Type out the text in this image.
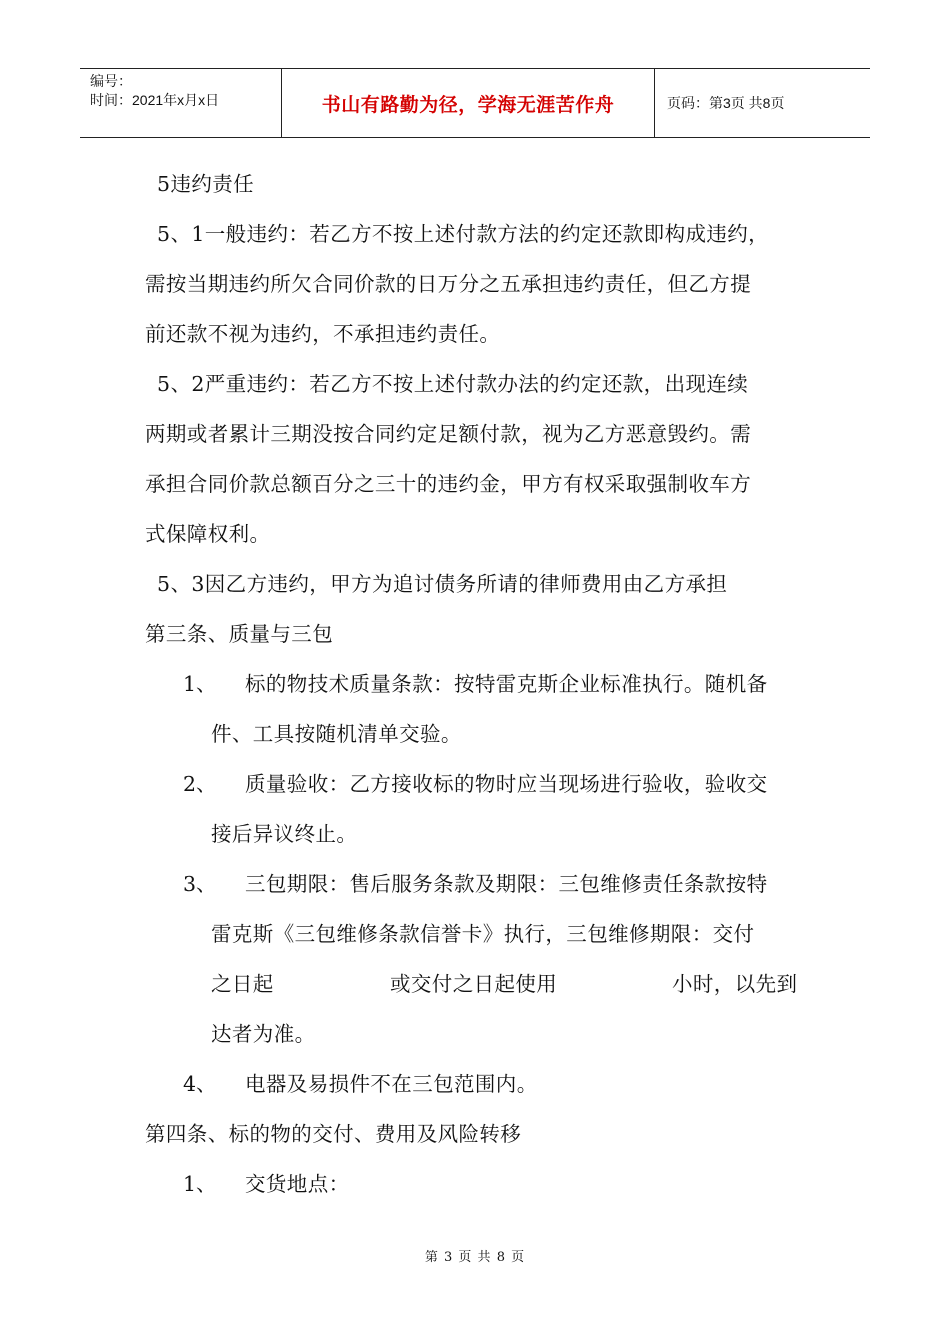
编号：
时间：2021年x月x日	书山有路勤为径，学海无涯苦作舟	页码：第3页 共8页
5违约责任
5、1一般违约：若乙方不按上述付款方法的约定还款即构成违约，
需按当期违约所欠合同价款的日万分之五承担违约责任，但乙方提
前还款不视为违约，不承担违约责任。
5、2严重违约：若乙方不按上述付款办法的约定还款，出现连续
两期或者累计三期没按合同约定足额付款，视为乙方恶意毁约。需
承担合同价款总额百分之三十的违约金，甲方有权采取强制收车方
式保障权利。
5、3因乙方违约，甲方为追讨债务所请的律师费用由乙方承担
第三条、质量与三包
1、 标的物技术质量条款：按特雷克斯企业标准执行。随机备
件、工具按随机清单交验。
2、 质量验收：乙方接收标的物时应当现场进行验收，验收交
接后异议终止。
3、 三包期限：售后服务条款及期限：三包维修责任条款按特
雷克斯《三包维修条款信誉卡》执行，三包维修期限：交付
之日起	或交付之日起使用	小时，以先到
达者为准。
4、 电器及易损件不在三包范围内。
第四条、标的物的交付、费用及风险转移
1、 交货地点：
第 3 页 共 8 页
